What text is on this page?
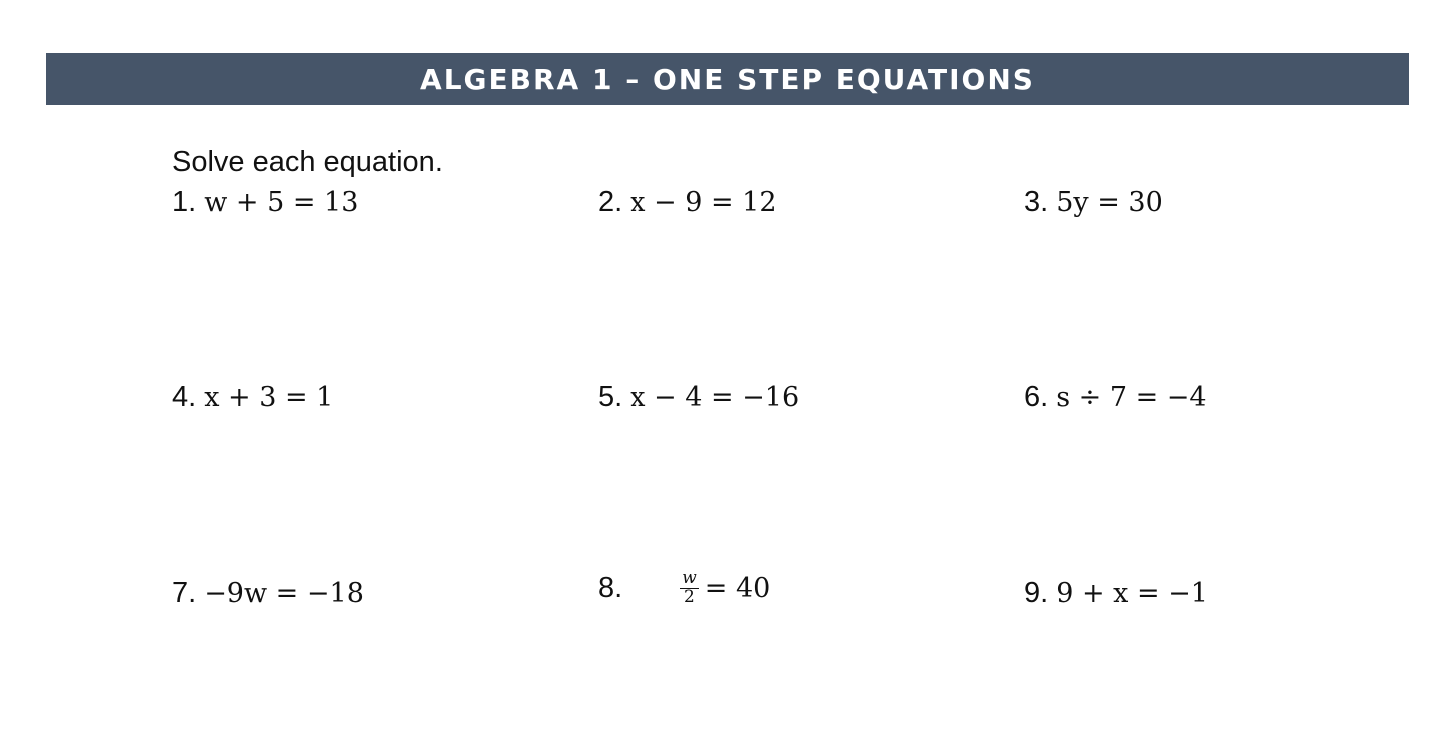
ALGEBRA 1 – ONE STEP EQUATIONS
Solve each equation.
1. w + 5 = 13	2. x − 9 = 12	3. 5y = 30
4. x + 3 = 1	5. x − 4 = −16	6. s ÷ 7 = −4
7. −9w = −18	8.	$\frac{w}{2} = 40$	9. 9 + x = −1
